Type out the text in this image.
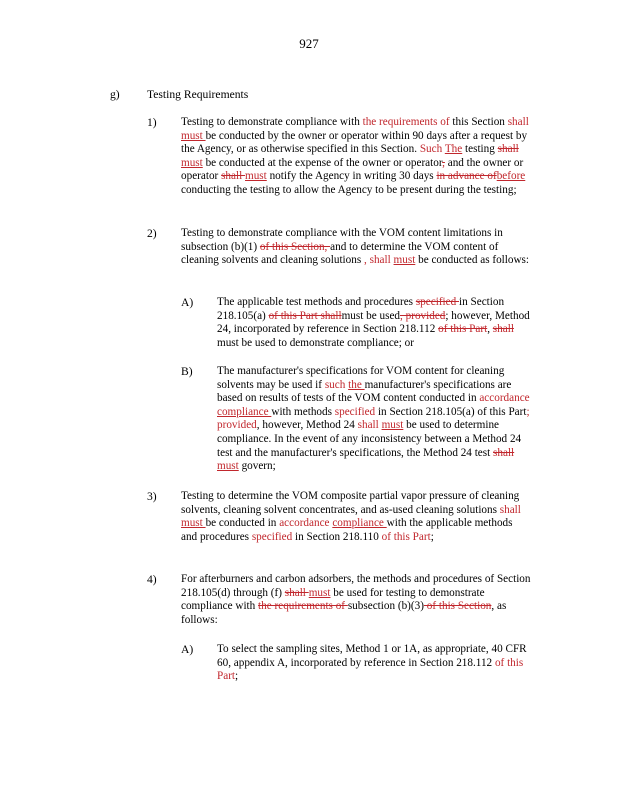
927
g) Testing Requirements
1) Testing to demonstrate compliance with the requirements of this Section shall must be conducted by the owner or operator within 90 days after a request by the Agency, or as otherwise specified in this Section. Such The testing shall must be conducted at the expense of the owner or operator, and the owner or operator shall must notify the Agency in writing 30 days in advance ofbefore conducting the testing to allow the Agency to be present during the testing;
2) Testing to demonstrate compliance with the VOM content limitations in subsection (b)(1) of this Section, and to determine the VOM content of cleaning solvents and cleaning solutions , shall must be conducted as follows:
A) The applicable test methods and procedures specified in Section 218.105(a) of this Part shallmust be used, provided; however, Method 24, incorporated by reference in Section 218.112 of this Part, shall must be used to demonstrate compliance; or
B) The manufacturer's specifications for VOM content for cleaning solvents may be used if such the manufacturer's specifications are based on results of tests of the VOM content conducted in accordance compliance with methods specified in Section 218.105(a) of this Part; provided, however, Method 24 shall must be used to determine compliance. In the event of any inconsistency between a Method 24 test and the manufacturer's specifications, the Method 24 test shall must govern;
3) Testing to determine the VOM composite partial vapor pressure of cleaning solvents, cleaning solvent concentrates, and as-used cleaning solutions shall must be conducted in accordance compliance with the applicable methods and procedures specified in Section 218.110 of this Part;
4) For afterburners and carbon adsorbers, the methods and procedures of Section 218.105(d) through (f) shall must be used for testing to demonstrate compliance with the requirements of subsection (b)(3) of this Section, as follows:
A) To select the sampling sites, Method 1 or 1A, as appropriate, 40 CFR 60, appendix A, incorporated by reference in Section 218.112 of this Part;
